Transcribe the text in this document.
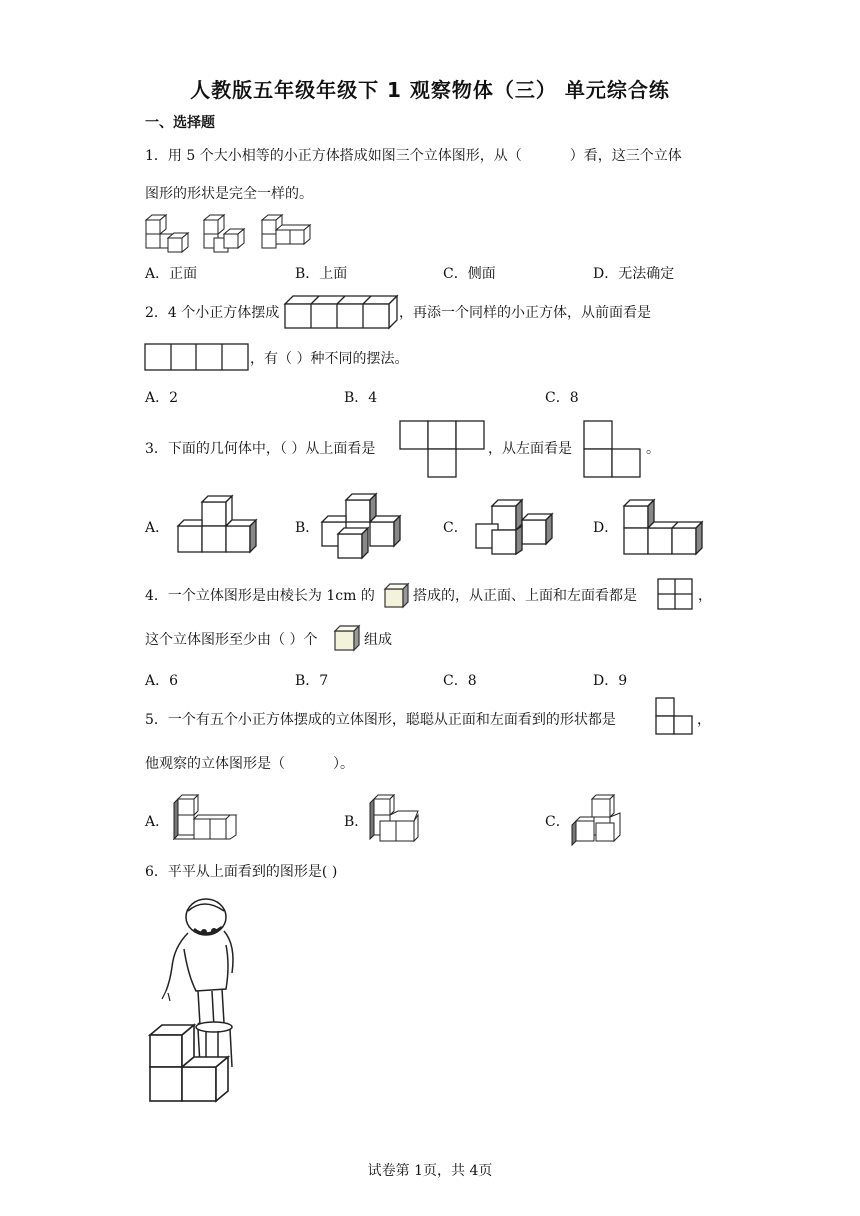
人教版五年级年级下 1 观察物体（三） 单元综合练
一、选择题
1．用 5 个大小相等的小正方体搭成如图三个立体图形，从（	）看，这三个立体
图形的形状是完全一样的。
A．正面	B．上面	C．侧面	D．无法确定
2．4 个小正方体摆成	，再添一个同样的小正方体，从前面看是
，有（ ）种不同的摆法。
A．2	B．4	C．8
3．下面的几何体中，（ ）从上面看是	，从左面看是	。
A．	B．	C．	D．
4．一个立体图形是由棱长为 1cm 的	搭成的，从正面、上面和左面看都是	，
这个立体图形至少由（ ）个	组成
A．6	B．7	C．8	D．9
5．一个有五个小正方体摆成的立体图形，聪聪从正面和左面看到的形状都是	，
他观察的立体图形是（	）。
A．	B．	C．
6．平平从上面看到的图形是( )
试卷第 1页，共 4页
